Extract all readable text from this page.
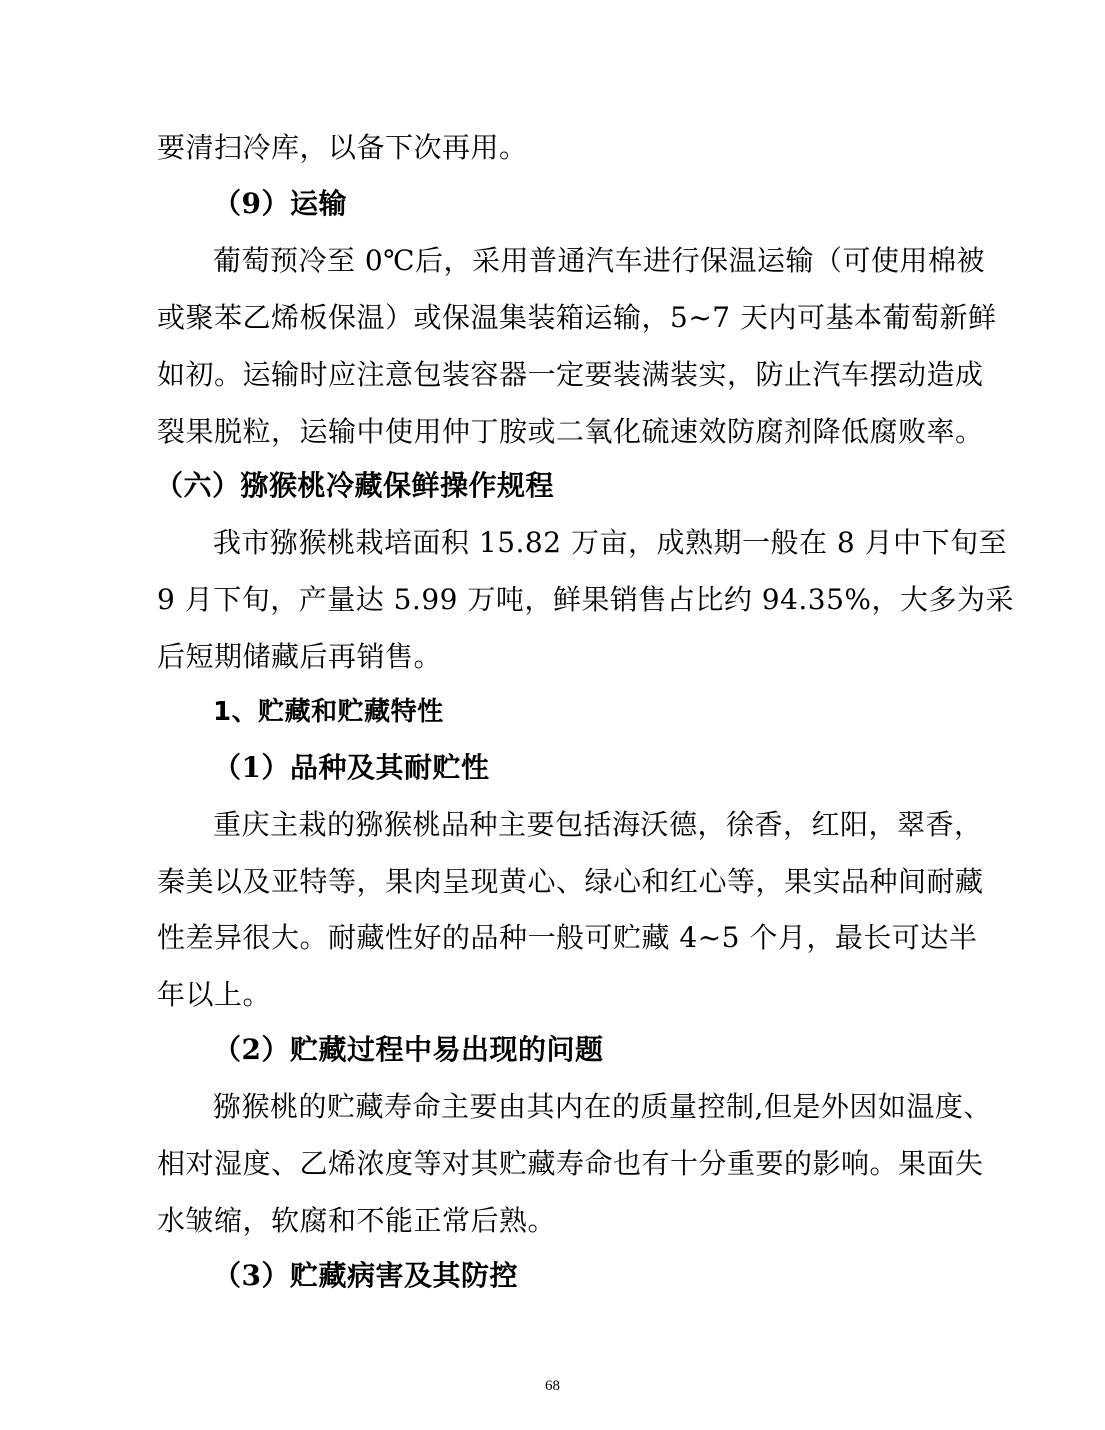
要清扫冷库，以备下次再用。
（9）运输
葡萄预冷至 0℃后，采用普通汽车进行保温运输（可使用棉被
或聚苯乙烯板保温）或保温集装箱运输，5~7 天内可基本葡萄新鲜
如初。运输时应注意包装容器一定要装满装实，防止汽车摆动造成
裂果脱粒，运输中使用仲丁胺或二氧化硫速效防腐剂降低腐败率。
（六）猕猴桃冷藏保鲜操作规程
我市猕猴桃栽培面积 15.82 万亩，成熟期一般在 8 月中下旬至
9 月下旬，产量达 5.99 万吨，鲜果销售占比约 94.35%，大多为采
后短期储藏后再销售。
1、贮藏和贮藏特性
（1）品种及其耐贮性
重庆主栽的猕猴桃品种主要包括海沃德，徐香，红阳，翠香，
秦美以及亚特等，果肉呈现黄心、绿心和红心等，果实品种间耐藏
性差异很大。耐藏性好的品种一般可贮藏 4~5 个月，最长可达半
年以上。
（2）贮藏过程中易出现的问题
猕猴桃的贮藏寿命主要由其内在的质量控制,但是外因如温度、
相对湿度、乙烯浓度等对其贮藏寿命也有十分重要的影响。果面失
水皱缩，软腐和不能正常后熟。
（3）贮藏病害及其防控
68
